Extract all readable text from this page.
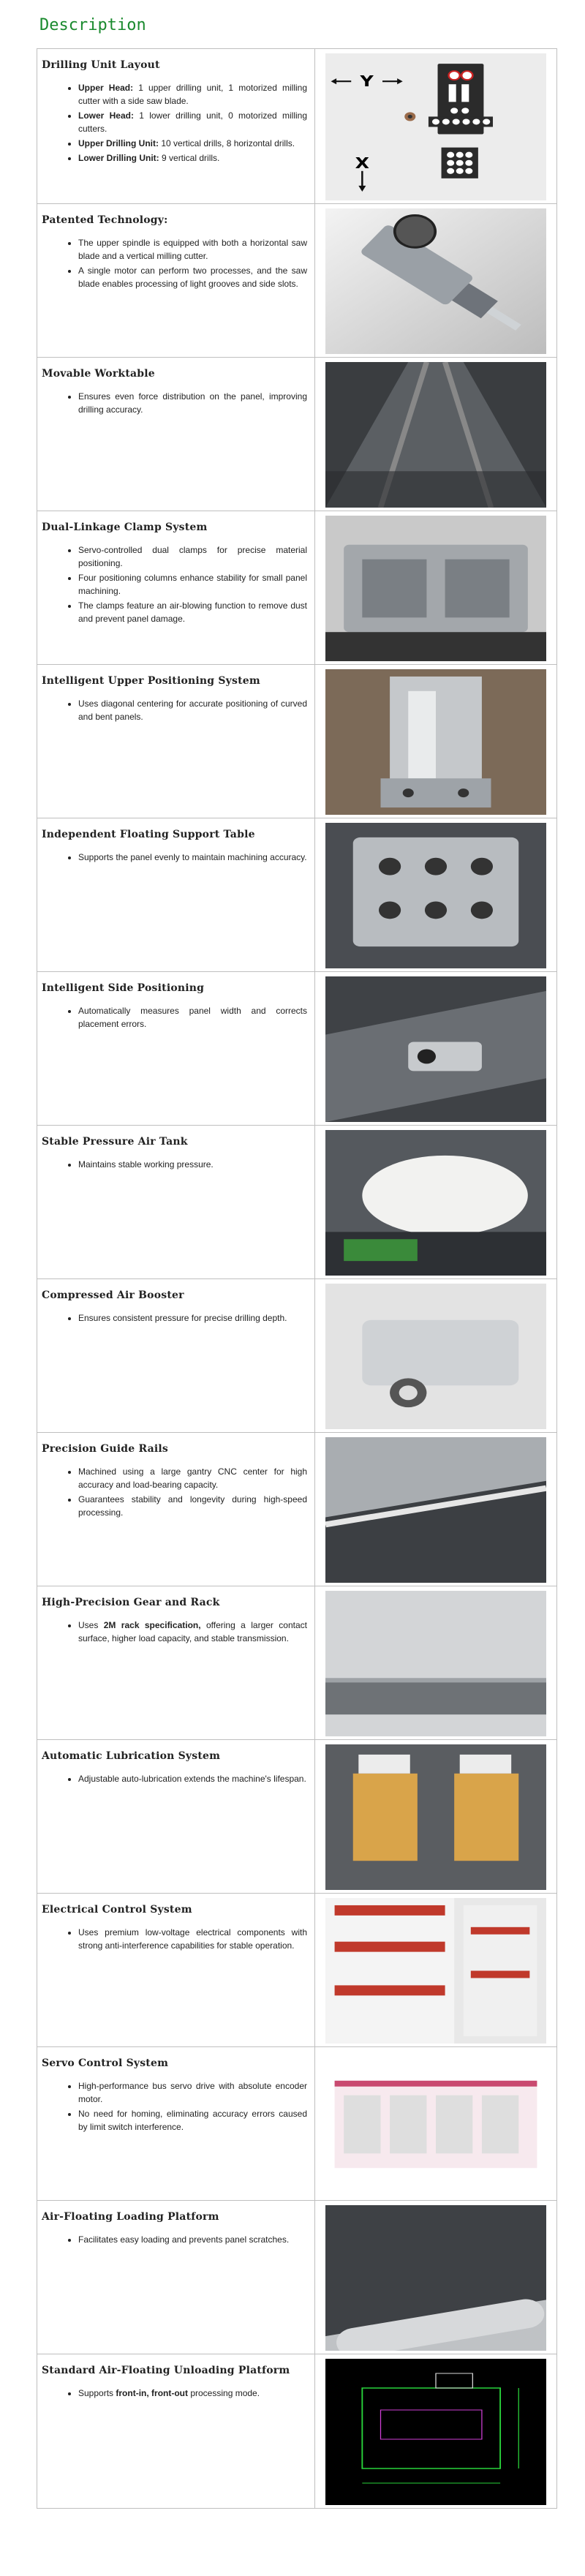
Description
Drilling Unit Layout
• Upper Head: 1 upper drilling unit, 1 motorized milling cutter with a side saw blade.
• Lower Head: 1 lower drilling unit, 0 motorized milling cutters.
• Upper Drilling Unit: 10 vertical drills, 8 horizontal drills.
• Lower Drilling Unit: 9 vertical drills.
Y
X
Patented Technology:
• The upper spindle is equipped with both a horizontal saw blade and a vertical milling cutter.
• A single motor can perform two processes, and the saw blade enables processing of light grooves and side slots.
Movable Worktable
• Ensures even force distribution on the panel, improving drilling accuracy.
Dual-Linkage Clamp System
• Servo-controlled dual clamps for precise material positioning.
• Four positioning columns enhance stability for small panel machining.
• The clamps feature an air-blowing function to remove dust and prevent panel damage.
Intelligent Upper Positioning System
• Uses diagonal centering for accurate positioning of curved and bent panels.
Independent Floating Support Table
• Supports the panel evenly to maintain machining accuracy.
Intelligent Side Positioning
• Automatically measures panel width and corrects placement errors.
Stable Pressure Air Tank
• Maintains stable working pressure.
Compressed Air Booster
• Ensures consistent pressure for precise drilling depth.
Precision Guide Rails
• Machined using a large gantry CNC center for high accuracy and load-bearing capacity.
• Guarantees stability and longevity during high-speed processing.
High-Precision Gear and Rack
• Uses 2M rack specification, offering a larger contact surface, higher load capacity, and stable transmission.
Automatic Lubrication System
• Adjustable auto-lubrication extends the machine's lifespan.
Electrical Control System
• Uses premium low-voltage electrical components with strong anti-interference capabilities for stable operation.
Servo Control System
• High-performance bus servo drive with absolute encoder motor.
• No need for homing, eliminating accuracy errors caused by limit switch interference.
Air-Floating Loading Platform
• Facilitates easy loading and prevents panel scratches.
Standard Air-Floating Unloading Platform
• Supports front-in, front-out processing mode.
